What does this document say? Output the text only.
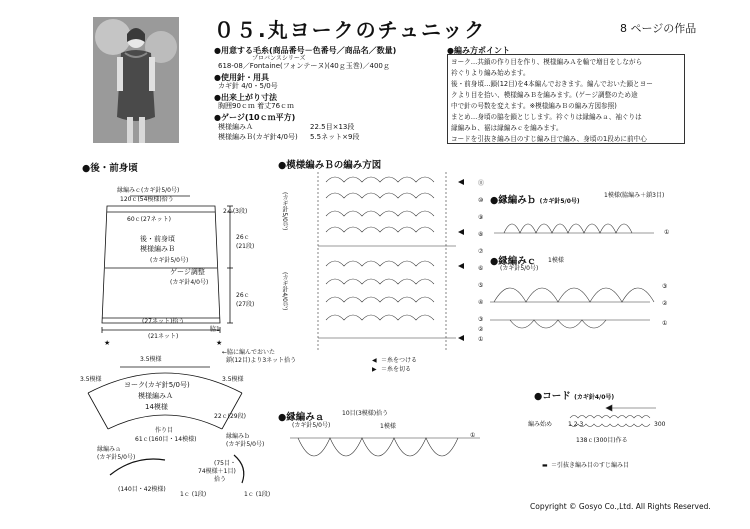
０５.丸ヨークのチュニック	8 ページの作品
●用意する毛糸(商品番号－色番号／商品名／数量)
プロバンスシリーズ
618-08／Fontaine(フォンテーヌ)(40ｇ玉巻)／400ｇ
●使用針・用具
カギ針 4/0・5/0号
●出来上がり寸法
胸囲90ｃｍ 着丈76ｃｍ
●ゲージ(10ｃｍ平方)
模様編みＡ	22.5目×13段
模様編みＢ(カギ針4/0号) 5.5ネット×9段
●編み方ポイント
ヨーク…共鎖の作り目を作り、模様編みＡを輪で増目をしながら
衿ぐりより編み始めます。
後・前身頃…鎖(12目)を4本編んでおきます。編んでおいた鎖とヨー
クより目を拾い、模様編みＢを編みます。(ゲージ調整のため途
中で針の号数を変えます。※模様編みＢの編み方図参照)
まとめ…身頃の脇を鎖とじします。衿ぐりは縁編みａ、袖ぐりは
縁編みｂ、裾は縁編みｃを編みます。
コードを引抜き編み目のすじ編み目で編み、身頃の1段めに前中心
●後・前身頃
縁編みｃ(カギ針5/0号)
120ｃ(54模様)拾う
60ｃ(27ネット)
後・前身頃
模様編みＢ
(カギ針5/0号)
ゲージ調整
(カギ針4/0号)
(27ネット)拾う
(21ネット)
2ｃ(3段)
26ｃ
(21段)
26ｃ
(27段)
脇1
★	★
←脇に編んでおいた
鎖(12目)より3ネット拾う
3.5模様
3.5模様	3.5模様
ヨーク(カギ針5/0号)
模様編みＡ
14模様
22ｃ(29段)
作り目
61ｃ(160目・14模様)
縁編みａ
(カギ針5/0号)
(140目・42模様)
1ｃ (1段)
縁編みｂ
(カギ針5/0号)
(75目・
74模様＋1目)
拾う
1ｃ (1段)
●模様編みＢの編み方図
(カギ針5/0号)
(カギ針4/0号)
⑪
⑩
⑨
⑧
⑦
⑥
⑤
④
③
②
①
◀ ＝糸をつける
▶ ＝糸を切る
●縁編みｂ (カギ針5/0号)
1模様(脇編み＋鎖3目)
①
●縁編みｃ
(カギ針5/0号)
1模様
③
②
①
●縁編みａ
(カギ針5/0号)
10目(3模様)拾う
1模様
①
●コード (カギ針4/0号)
編み始め	1 2 3	300
138ｃ(300目)作る
▬ ＝引抜き編み目のすじ編み目
Copyright © Gosyo Co.,Ltd. All Rights Reserved.
